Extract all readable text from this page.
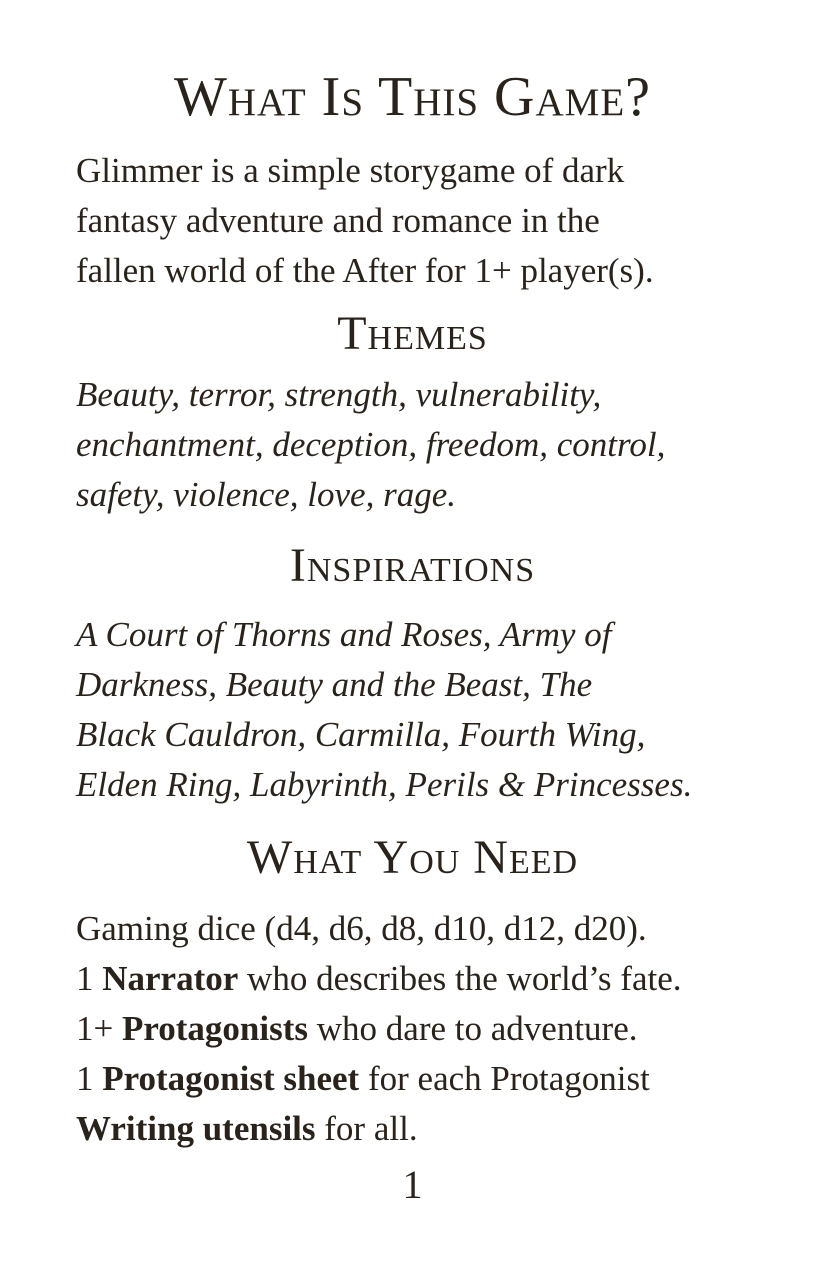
What Is This Game?

Glimmer is a simple storygame of dark
fantasy adventure and romance in the
fallen world of the After for 1+ player(s).

Themes

Beauty, terror, strength, vulnerability,
enchantment, deception, freedom, control,
safety, violence, love, rage.

Inspirations

A Court of Thorns and Roses, Army of
Darkness, Beauty and the Beast, The
Black Cauldron, Carmilla, Fourth Wing,
Elden Ring, Labyrinth, Perils & Princesses.

What You Need
Gaming dice (d4, d6, d8, d10, d12, d20).
1 Narrator who describes the world’s fate.
1+ Protagonists who dare to adventure.
1 Protagonist sheet for each Protagonist
Writing utensils for all.
1
